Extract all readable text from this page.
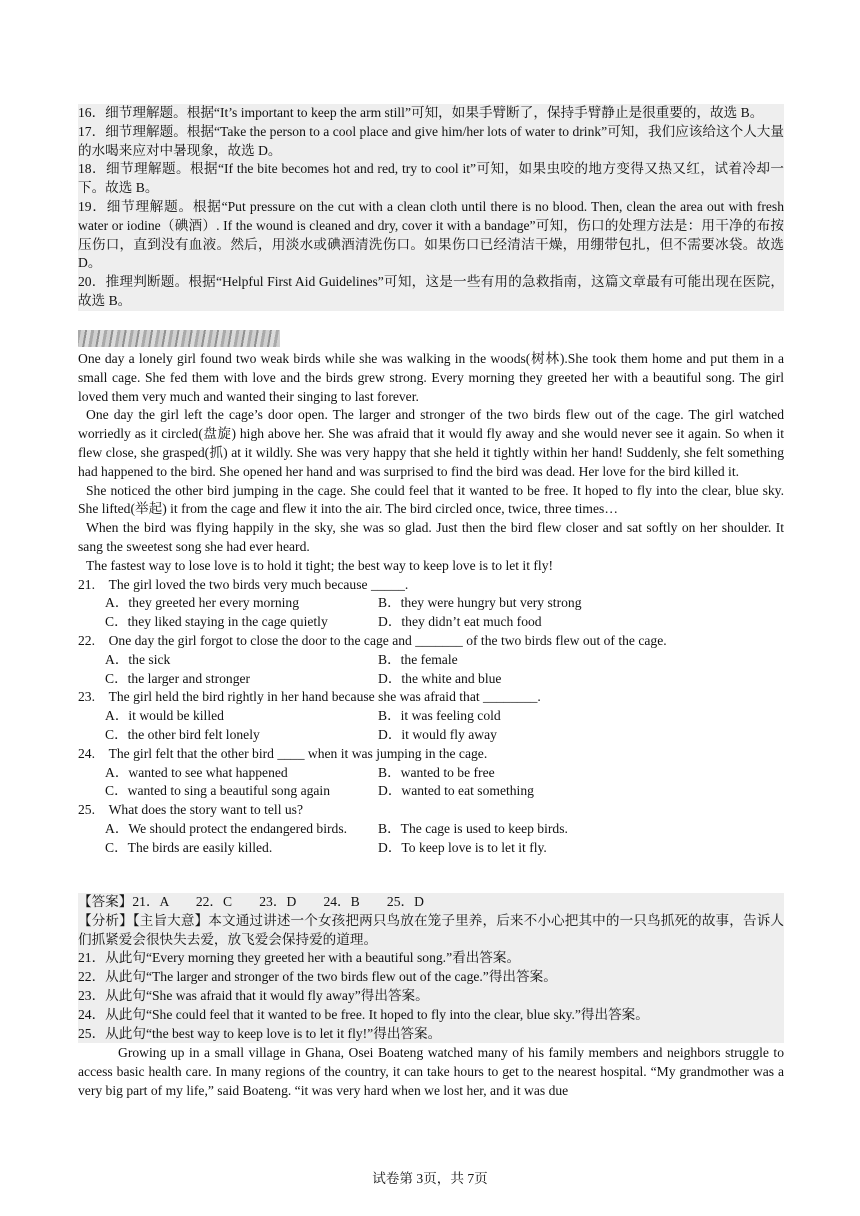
16．细节理解题。根据“It’s important to keep the arm still”可知，如果手臂断了，保持手臂静止是很重要的，故选 B。

17．细节理解题。根据“Take the person to a cool place and give him/her lots of water to drink”可知，我们应该给这个人大量的水喝来应对中暑现象，故选 D。

18．细节理解题。根据“If the bite becomes hot and red, try to cool it”可知，如果虫咬的地方变得又热又红，试着冷却一下。故选 B。

19．细节理解题。根据“Put pressure on the cut with a clean cloth until there is no blood. Then, clean the area out with fresh water or iodine（碘酒）. If the wound is cleaned and dry, cover it with a bandage”可知，伤口的处理方法是：用干净的布按压伤口，直到没有血液。然后，用淡水或碘酒清洗伤口。如果伤口已经清洁干燥，用绷带包扎，但不需要冰袋。故选 D。

20．推理判断题。根据“Helpful First Aid Guidelines”可知，这是一些有用的急救指南，这篇文章最有可能出现在医院，故选 B。

One day a lonely girl found two weak birds while she was walking in the woods(树林).She took them home and put them in a small cage. She fed them with love and the birds grew strong. Every morning they greeted her with a beautiful song. The girl loved them very much and wanted their singing to last forever.

One day the girl left the cage’s door open. The larger and stronger of the two birds flew out of the cage. The girl watched worriedly as it circled(盘旋) high above her. She was afraid that it would fly away and she would never see it again. So when it flew close, she grasped(抓) at it wildly. She was very happy that she held it tightly within her hand! Suddenly, she felt something had happened to the bird. She opened her hand and was surprised to find the bird was dead. Her love for the bird killed it.

She noticed the other bird jumping in the cage. She could feel that it wanted to be free. It hoped to fly into the clear, blue sky. She lifted(举起) it from the cage and flew it into the air. The bird circled once, twice, three times…

When the bird was flying happily in the sky, she was so glad. Just then the bird flew closer and sat softly on her shoulder. It sang the sweetest song she had ever heard.

The fastest way to lose love is to hold it tight; the best way to keep love is to let it fly!

21.　The girl loved the two birds very much because _____.

A．they greeted her every morning	B．they were hungry but very strong
C．they liked staying in the cage quietly	D．they didn’t eat much food

22.　One day the girl forgot to close the door to the cage and _______ of the two birds flew out of the cage.

A．the sick	B．the female
C．the larger and stronger	D．the white and blue

23.　The girl held the bird rightly in her hand because she was afraid that ________.

A．it would be killed	B．it was feeling cold
C．the other bird felt lonely	D．it would fly away

24.　The girl felt that the other bird ____ when it was jumping in the cage.

A．wanted to see what happened	B．wanted to be free
C．wanted to sing a beautiful song again	D．wanted to eat something

25.　What does the story want to tell us?

A．We should protect the endangered birds.	B．The cage is used to keep birds.
C．The birds are easily killed.	D．To keep love is to let it fly.

【答案】21．A　　22．C　　23．D　　24．B　　25．D

【分析】【主旨大意】本文通过讲述一个女孩把两只鸟放在笼子里养，后来不小心把其中的一只鸟抓死的故事，告诉人们抓紧爱会很快失去爱，放飞爱会保持爱的道理。

21．从此句“Every morning they greeted her with a beautiful song.”看出答案。

22．从此句“The larger and stronger of the two birds flew out of the cage.”得出答案。

23．从此句“She was afraid that it would fly away”得出答案。

24．从此句“She could feel that it wanted to be free. It hoped to fly into the clear, blue sky.”得出答案。

25．从此句“the best way to keep love is to let it fly!”得出答案。

Growing up in a small village in Ghana, Osei Boateng watched many of his family members and neighbors struggle to access basic health care. In many regions of the country, it can take hours to get to the nearest hospital. “My grandmother was a very big part of my life,” said Boateng. “it was very hard when we lost her, and it was due

试卷第 3页，共 7页
